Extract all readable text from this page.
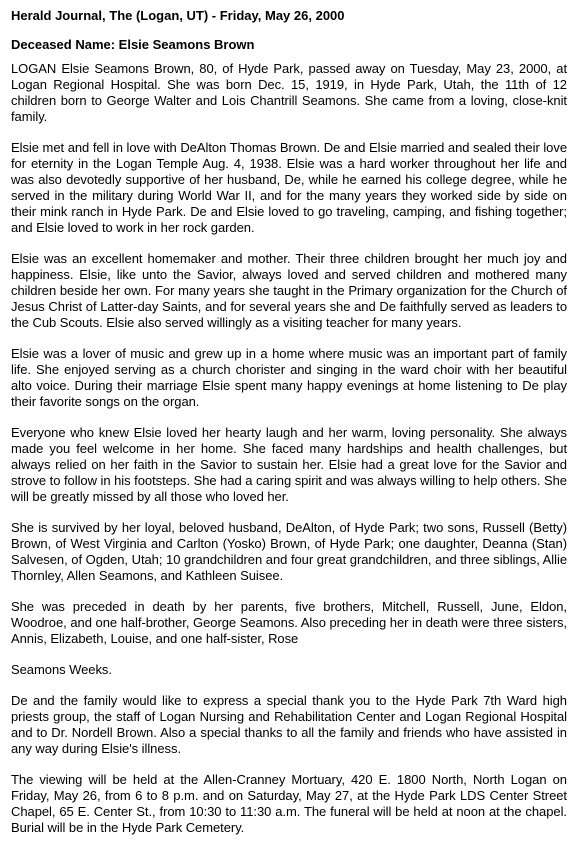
Herald Journal, The (Logan, UT) - Friday, May 26, 2000
Deceased Name: Elsie Seamons Brown

LOGAN Elsie Seamons Brown, 80, of Hyde Park, passed away on Tuesday, May 23, 2000, at Logan Regional Hospital. She was born Dec. 15, 1919, in Hyde Park, Utah, the 11th of 12 children born to George Walter and Lois Chantrill Seamons. She came from a loving, close-knit family.

Elsie met and fell in love with DeAlton Thomas Brown. De and Elsie married and sealed their love for eternity in the Logan Temple Aug. 4, 1938. Elsie was a hard worker throughout her life and was also devotedly supportive of her husband, De, while he earned his college degree, while he served in the military during World War II, and for the many years they worked side by side on their mink ranch in Hyde Park. De and Elsie loved to go traveling, camping, and fishing together; and Elsie loved to work in her rock garden.

Elsie was an excellent homemaker and mother. Their three children brought her much joy and happiness. Elsie, like unto the Savior, always loved and served children and mothered many children beside her own. For many years she taught in the Primary organization for the Church of Jesus Christ of Latter-day Saints, and for several years she and De faithfully served as leaders to the Cub Scouts. Elsie also served willingly as a visiting teacher for many years.

Elsie was a lover of music and grew up in a home where music was an important part of family life. She enjoyed serving as a church chorister and singing in the ward choir with her beautiful alto voice. During their marriage Elsie spent many happy evenings at home listening to De play their favorite songs on the organ.

Everyone who knew Elsie loved her hearty laugh and her warm, loving personality. She always made you feel welcome in her home. She faced many hardships and health challenges, but always relied on her faith in the Savior to sustain her. Elsie had a great love for the Savior and strove to follow in his footsteps. She had a caring spirit and was always willing to help others. She will be greatly missed by all those who loved her.

She is survived by her loyal, beloved husband, DeAlton, of Hyde Park; two sons, Russell (Betty) Brown, of West Virginia and Carlton (Yosko) Brown, of Hyde Park; one daughter, Deanna (Stan) Salvesen, of Ogden, Utah; 10 grandchildren and four great grandchildren, and three siblings, Allie Thornley, Allen Seamons, and Kathleen Suisee.

She was preceded in death by her parents, five brothers, Mitchell, Russell, June, Eldon, Woodroe, and one half-brother, George Seamons. Also preceding her in death were three sisters, Annis, Elizabeth, Louise, and one half-sister, Rose

Seamons Weeks.

De and the family would like to express a special thank you to the Hyde Park 7th Ward high priests group, the staff of Logan Nursing and Rehabilitation Center and Logan Regional Hospital and to Dr. Nordell Brown. Also a special thanks to all the family and friends who have assisted in any way during Elsie's illness.

The viewing will be held at the Allen-Cranney Mortuary, 420 E. 1800 North, North Logan on Friday, May 26, from 6 to 8 p.m. and on Saturday, May 27, at the Hyde Park LDS Center Street Chapel, 65 E. Center St., from 10:30 to 11:30 a.m. The funeral will be held at noon at the chapel. Burial will be in the Hyde Park Cemetery.
